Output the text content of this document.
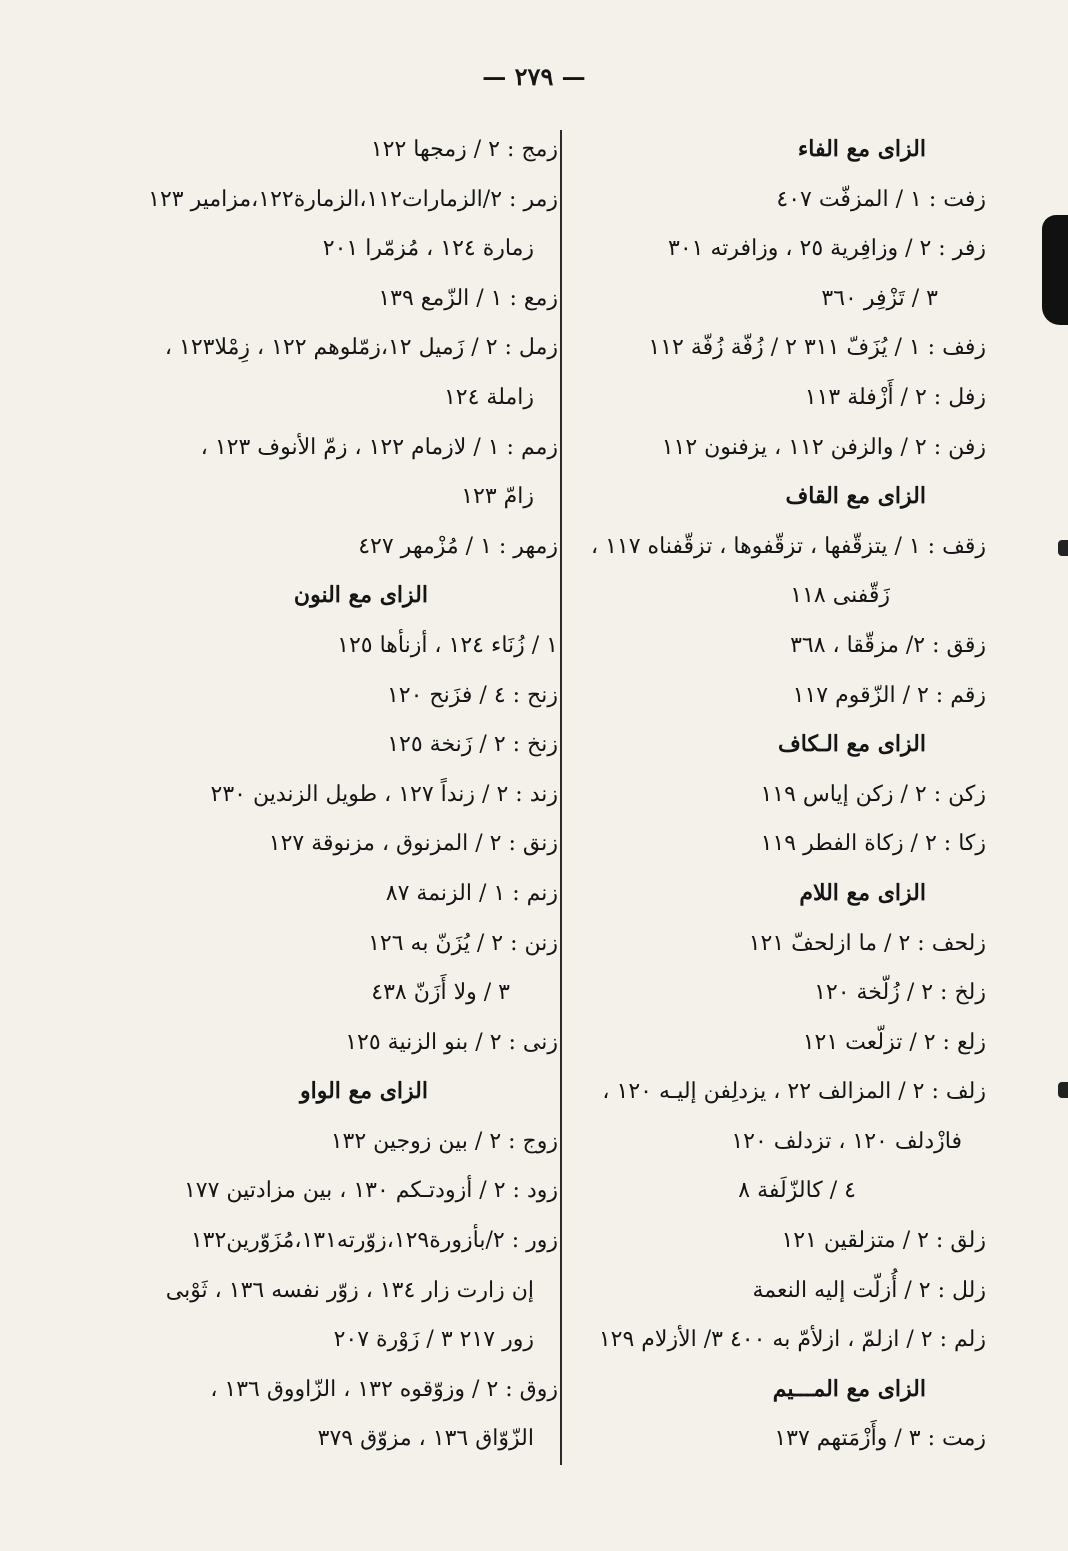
— ٢٧٩ —
الزاى مع الفاء
زفت : ١ / المزفّت ٤٠٧
زفر : ٢ / وزافِرية ٢٥ ، وزافرته ٣٠١
٣ / تَزْفِر ٣٦٠
زفف : ١ / يُزَفّ ٣١١ ٢ / زُفّة زُفّة ١١٢
زفل : ٢ / أَزْفلة ١١٣
زفن : ٢ / والزفن ١١٢ ، يزفنون ١١٢
الزاى مع القاف
زقف : ١ / يتزقّفها ، تزقّفوها ، تزقّفناه ١١٧ ،
زَقّفنى ١١٨
زقق : ٢/ مزقّقا ، ٣٦٨
زقم : ٢ / الزّقوم ١١٧
الزاى مع الـكاف
زكن : ٢ / زكن إياس ١١٩
زكا : ٢ / زكاة الفطر ١١٩
الزاى مع اللام
زلحف : ٢ / ما ازلحفّ ١٢١
زلخ : ٢ / زُلّخة ١٢٠
زلع : ٢ / تزلّعت ١٢١
زلف : ٢ / المزالف ٢٢ ، يزدلِفن إليـه ١٢٠ ،
فازْدلف ١٢٠ ، تزدلف ١٢٠
٤ / كالزّلَفة ٨
زلق : ٢ / متزلقين ١٢١
زلل : ٢ / أُزلّت إليه النعمة
زلم : ٢ / ازلمّ ، ازلأمّ به ٤٠٠ ٣/ الأزلام ١٢٩
الزاى مع المـــيم
زمت : ٣ / وأَزْمَتهم ١٣٧
زمج : ٢ / زمجها ١٢٢
زمر : ٢/الزمارات١١٢،الزمارة١٢٢،مزامير ١٢٣
زمارة ١٢٤ ، مُزمّرا ٢٠١
زمع : ١ / الزّمع ١٣٩
زمل : ٢ / زَميل ١٢،زمّلوهم ١٢٢ ، زِمْلا١٢٣ ،
زاملة ١٢٤
زمم : ١ / لازمام ١٢٢ ، زمّ الأنوف ١٢٣ ،
زامّ ١٢٣
زمهر : ١ / مُزْمهر ٤٢٧
الزاى مع النون
١ / زُنَاء ١٢٤ ، أزنأها ١٢٥
زنح : ٤ / فزَنح ١٢٠
زنخ : ٢ / زَنخة ١٢٥
زند : ٢ / زنداً ١٢٧ ، طويل الزندين ٢٣٠
زنق : ٢ / المزنوق ، مزنوقة ١٢٧
زنم : ١ / الزنمة ٨٧
زنن : ٢ / يُزَنّ به ١٢٦
٣ / ولا أَزَنّ ٤٣٨
زنى : ٢ / بنو الزنية ١٢٥
الزاى مع الواو
زوج : ٢ / بين زوجين ١٣٢
زود : ٢ / أزودتـكم ١٣٠ ، بين مزادتين ١٧٧
زور : ٢/بأزورة١٢٩،زوّرته١٣١،مُزَوّرين١٣٢
إن زارت زار ١٣٤ ، زوّر نفسه ١٣٦ ، ثَوْبى
زور ٢١٧ ٣ / زَوْرة ٢٠٧
زوق : ٢ / وزوّقوه ١٣٢ ، الزّاووق ١٣٦ ،
الزّوّاق ١٣٦ ، مزوّق ٣٧٩
